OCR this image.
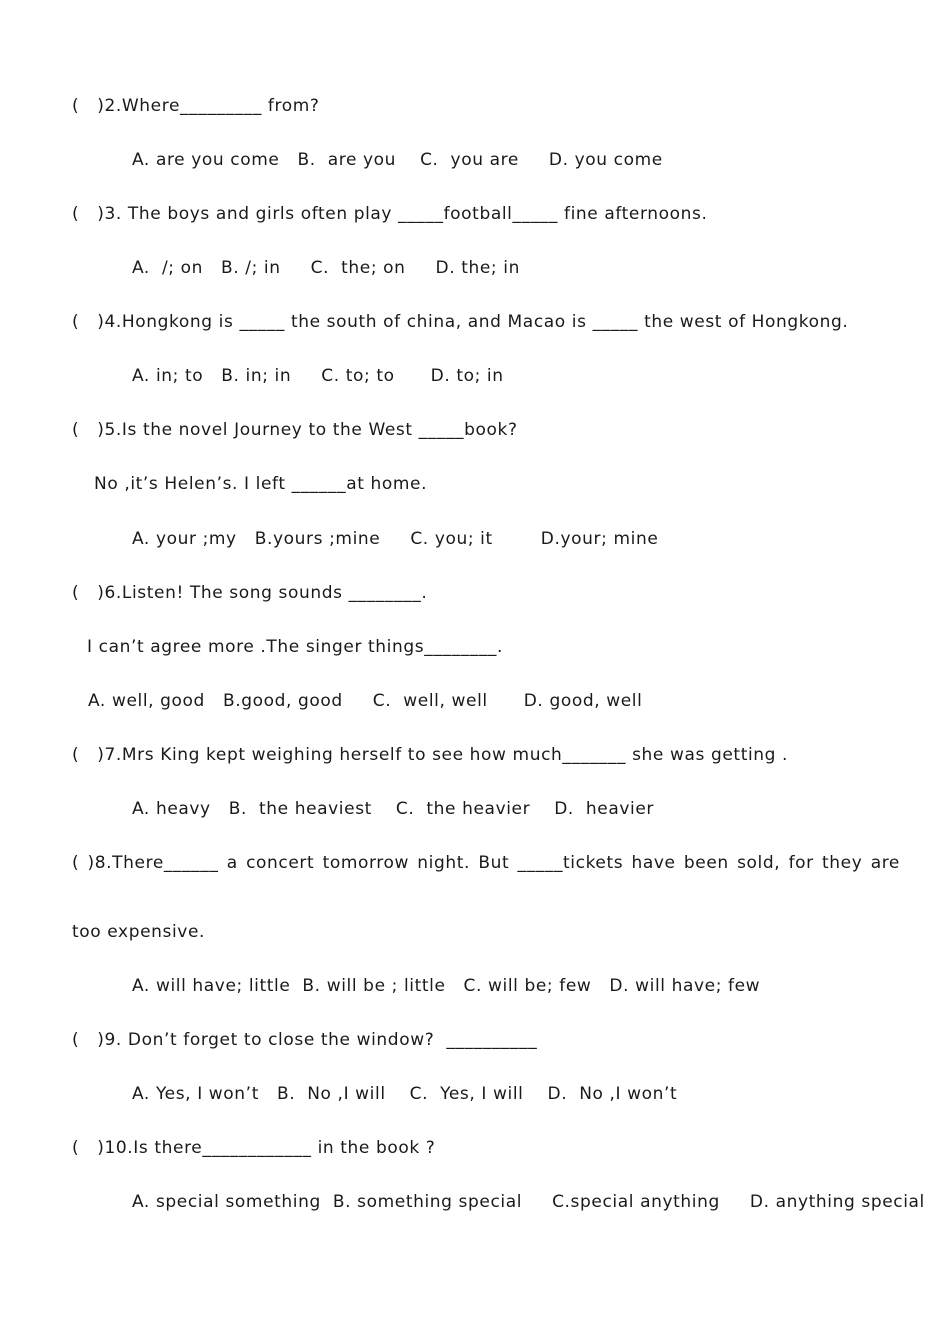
(   )2.Where_________ from?

A. are you come   B.  are you    C.  you are     D. you come

(   )3. The boys and girls often play _____football_____ fine afternoons.

A.  /; on   B. /; in     C.  the; on     D. the; in

(   )4.Hongkong is _____ the south of china, and Macao is _____ the west of Hongkong.

A. in; to   B. in; in     C. to; to      D. to; in

(   )5.Is the novel Journey to the West _____book?

No ,it’s Helen’s. I left ______at home.

A. your ;my   B.yours ;mine     C. you; it        D.your; mine

(   )6.Listen! The song sounds ________.

I can’t agree more .The singer things________.

A. well, good   B.good, good     C.  well, well      D. good, well

(   )7.Mrs King kept weighing herself to see how much_______ she was getting .

A. heavy   B.  the heaviest    C.  the heavier    D.  heavier

( )8.There______ a concert tomorrow night. But _____tickets have been sold, for they are

too expensive.

A. will have; little  B. will be ; little   C. will be; few   D. will have; few

(   )9. Don’t forget to close the window?  __________

A. Yes, I won’t   B.  No ,I will    C.  Yes, I will    D.  No ,I won’t

(   )10.Is there____________ in the book ?

A. special something  B. something special     C.special anything     D. anything special
